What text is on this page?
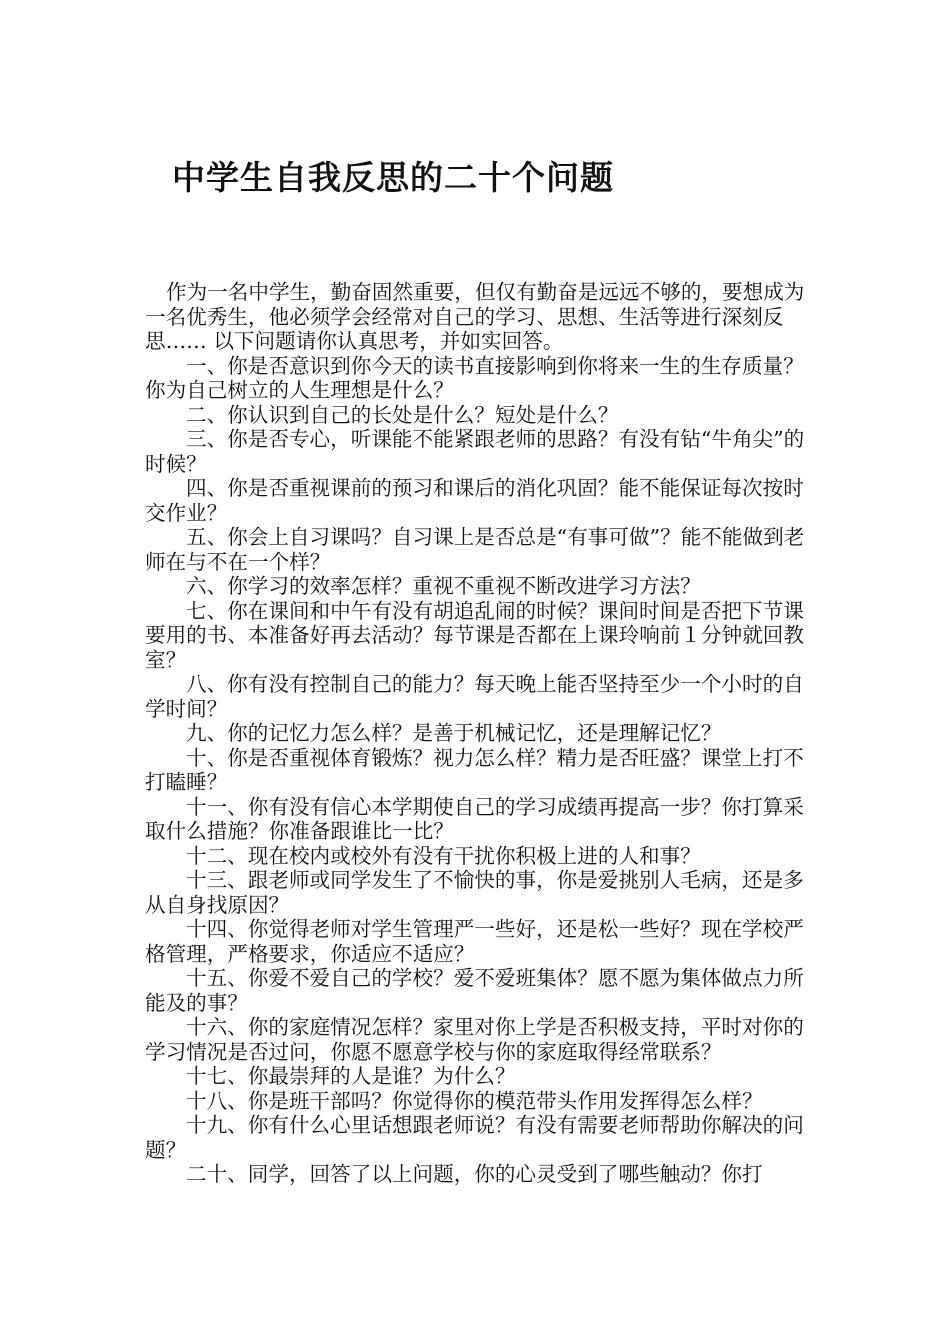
中学生自我反思的二十个问题

作为一名中学生，勤奋固然重要，但仅有勤奋是远远不够的，要想成为一名优秀生，他必须学会经常对自己的学习、思想、生活等进行深刻反思…… 以下问题请你认真思考，并如实回答。

一、你是否意识到你今天的读书直接影响到你将来一生的生存质量？你为自己树立的人生理想是什么？

二、你认识到自己的长处是什么？短处是什么？

三、你是否专心，听课能不能紧跟老师的思路？有没有钻“牛角尖”的时候？

四、你是否重视课前的预习和课后的消化巩固？能不能保证每次按时交作业？

五、你会上自习课吗？自习课上是否总是“有事可做”？能不能做到老师在与不在一个样？

六、你学习的效率怎样？重视不重视不断改进学习方法？

七、你在课间和中午有没有胡追乱闹的时候？课间时间是否把下节课要用的书、本准备好再去活动？每节课是否都在上课玲响前１分钟就回教室？

八、你有没有控制自己的能力？每天晚上能否坚持至少一个小时的自学时间？

九、你的记忆力怎么样？是善于机械记忆，还是理解记忆？

十、你是否重视体育锻炼？视力怎么样？精力是否旺盛？课堂上打不打瞌睡？

十一、你有没有信心本学期使自己的学习成绩再提高一步？你打算采取什么措施？你准备跟谁比一比？

十二、现在校内或校外有没有干扰你积极上进的人和事？

十三、跟老师或同学发生了不愉快的事，你是爱挑别人毛病，还是多从自身找原因？

十四、你觉得老师对学生管理严一些好，还是松一些好？现在学校严格管理，严格要求，你适应不适应？

十五、你爱不爱自己的学校？爱不爱班集体？愿不愿为集体做点力所能及的事？

十六、你的家庭情况怎样？家里对你上学是否积极支持，平时对你的学习情况是否过问，你愿不愿意学校与你的家庭取得经常联系？

十七、你最崇拜的人是谁？为什么？

十八、你是班干部吗？你觉得你的模范带头作用发挥得怎么样？

十九、你有什么心里话想跟老师说？有没有需要老师帮助你解决的问题？

二十、同学，回答了以上问题，你的心灵受到了哪些触动？你打
